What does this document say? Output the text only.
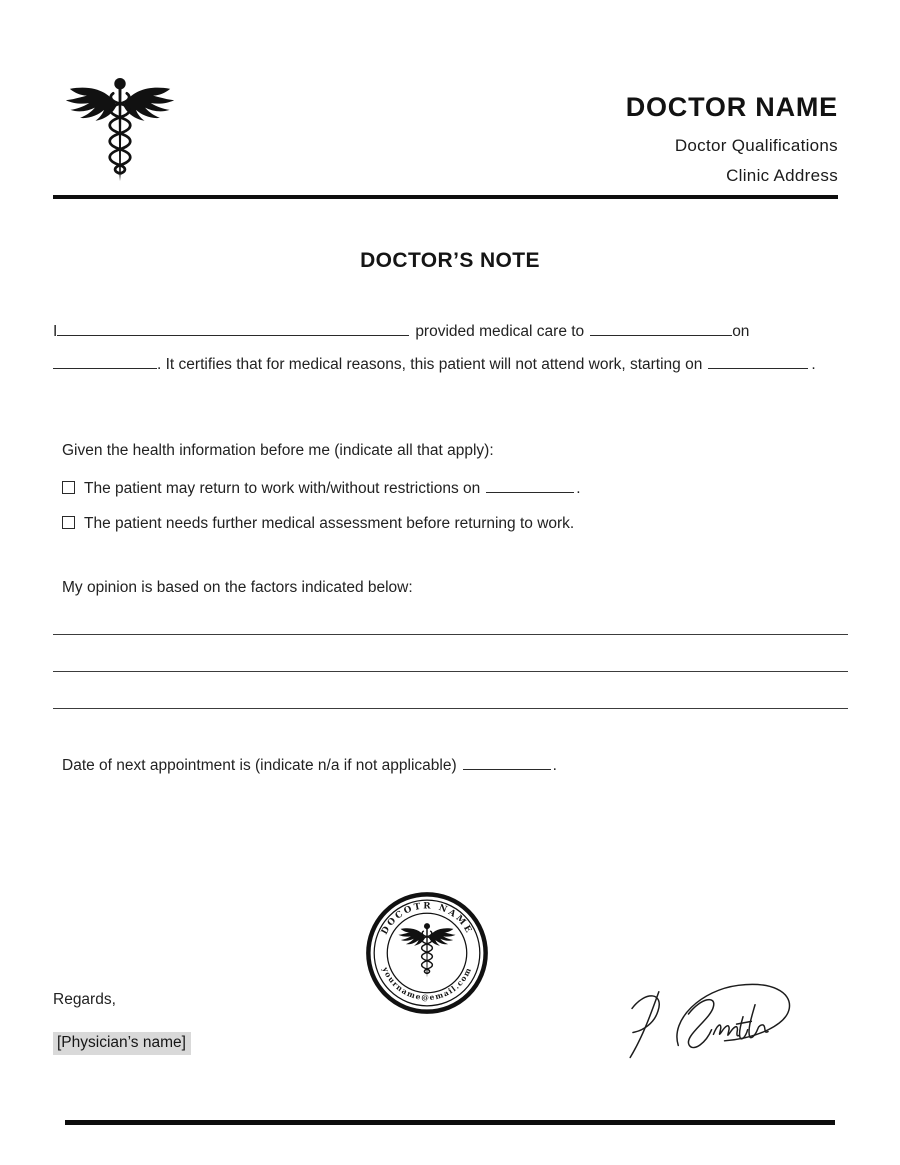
DOCTOR NAME
Doctor Qualifications
Clinic Address
DOCTOR’S NOTE
I	provided medical care to	on
. It certifies that for medical reasons, this patient will not attend work, starting on	.
Given the health information before me (indicate all that apply):
The patient may return to work with/without restrictions on	.
The patient needs further medical assessment before returning to work.
My opinion is based on the factors indicated below:
Date of next appointment is (indicate n/a if not applicable)	.
DOCOTR NAME
yourname@email.com
Regards,
[Physician’s name]
